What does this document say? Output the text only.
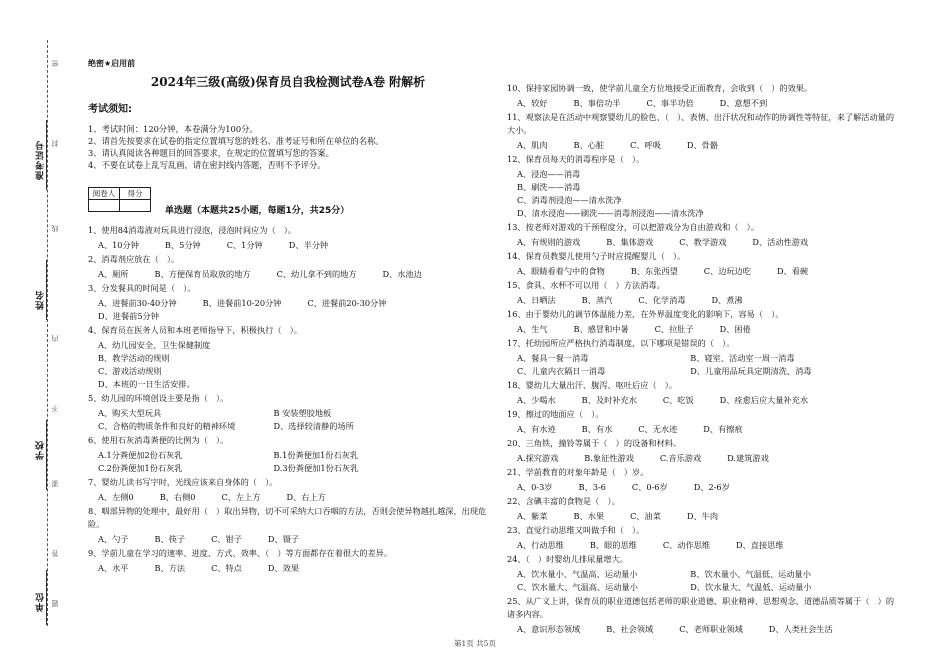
准考证号
姓名
学校
单位
密
封
线
内
不
要
答
题
绝密★启用前
2024年三级(高级)保育员自我检测试卷A卷 附解析
考试须知:
1、考试时间：120分钟，本卷满分为100分。
2、请首先按要求在试卷的指定位置填写您的姓名、准考证号和所在单位的名称。
3、请认真阅读各种题目的回答要求，在规定的位置填写您的答案。
4、不要在试卷上乱写乱画，请在密封线内答题，否则不予评分。
阅卷人	得分

单选题（本题共25小题，每题1分，共25分）
1、使用84消毒液对玩具进行浸泡，浸泡时间应为（　）。
A、10分钟	B、5分钟	C、1分钟	D、半分钟
2、消毒剂应放在（　）。
A、厕所	B、方便保育员取放的地方	C、幼儿拿不到的地方	D、水池边
3、分发餐具的时间是（　）。
A、进餐前30-40分钟	B、进餐前10-20分钟	C、进餐前20-30分钟
D、进餐前5分钟
4、保育员在医务人员和本班老师指导下，积极执行（　）。
A、幼儿园安全、卫生保健制度
B、教学活动的规则
C、游戏活动规则
D、本班的一日生活安排。
5、幼儿园的环境创设主要是指（　）。
A、购买大型玩具	B 安装塑胶地板
C、合格的物质条件和良好的精神环境	D、选择较清静的场所
6、使用石灰消毒粪便的比例为（　）。
A.1分粪便加2份石灰乳	B.1份粪便加1份石灰乳
C.2份粪便加1份石灰乳	D.3份粪便加1份石灰乳
7、婴幼儿读书写字时，光线应该来自身体的（　）。
A、左侧0	B、右侧0	C、左上方	D、右上方
8、咽部异物的处理中，最好用（　）取出异物，切不可采纳大口吞咽的方法，否则会使异物越扎越深，出现危险。
A、勺子	B、筷子	C、钳子	D、镊子
9、学前儿童在学习的速率、进度、方式、效率、（　）等方面都存在着很大的差异。
A、水平	B、方法	C、特点	D、效果
10、保持家园协调一致，使学前儿童全方位地接受正面教育，会收到（　）的效果。
A、较好	B、事倍功半	C、事半功倍	D、意想不到
11、观察法是在活动中观察婴幼儿的脸色、（　）、表情、出汗状况和动作的协调性等特征，来了解活动量的大小。
A、肌肉	B、心脏	C、呼吸	D、骨骼
12、保育员每天的消毒程序是（　）。
A、浸泡——消毒
B、刷洗——消毒
C、消毒剂浸泡——清水洗净
D、清水浸泡——刷洗——消毒剂浸泡——清水洗净
13、按老师对游戏的干预程度分，可以把游戏分为自由游戏和（　）。
A、有规则的游戏	B、集体游戏	C、教学游戏	D、活动性游戏
14、保育员教婴儿使用勺子时应提醒婴儿（　）。
A、眼睛看着勺中的食物	B、东张西望	C、边玩边吃	D、看碗
15、食具、水杯不可以用（　）方法消毒。
A、日晒法	B、蒸汽	C、化学消毒	D、煮沸
16、由于婴幼儿的调节体温能力差，在外界温度变化的影响下，容易（　）。
A、生气	B、感冒和中暑	C、拉肚子	D、困倦
17、托幼园所应严格执行消毒制度，以下哪项是错误的（　）。
A、餐具一餐一消毒	B、寝室、活动室一周一消毒
C、儿童内衣隔日一消毒	D、儿童用品玩具定期清洗、消毒
18、婴幼儿大量出汗、腹泻、呕吐后应（　）。
A、少喝水	B、及时补充水	C、吃饭	D、痊愈后应大量补充水
19、擦过的地面应（　）。
A、有水迹	B、有水	C、无水迹	D、有擦痕
20、三角铁，撞铃等属于（　）的设备和材料。
A.探究游戏	B.象征性游戏	C.音乐游戏	D.建筑游戏
21、学前教育的对象年龄是（　）岁。
A、0-3岁	B、3-6	C、0-6岁	D、2-6岁
22、含碘丰富的食物是（　）。
A、紫菜	B、水果	C、油菜	D、牛肉
23、直觉行动思维又叫做手和（　）。
A、行动思维	B、眼的思维	C、动作思维	D、直接思维
24、（　）时婴幼儿排尿量增大。
A、饮水量小、气温高、运动量小	B、饮水量小、气温低、运动量小
C、饮水量大、气温高、运动量小	D、饮水量大、气温低、运动量小
25、从广义上讲，保育员的职业道德包括老师的职业道德、职业精神、思想观念、道德品质等属于（　）的诸多内容。
A、意识形态领域	B、社会领域	C、老师职业领域	D、人类社会生活
第1页 共5页
